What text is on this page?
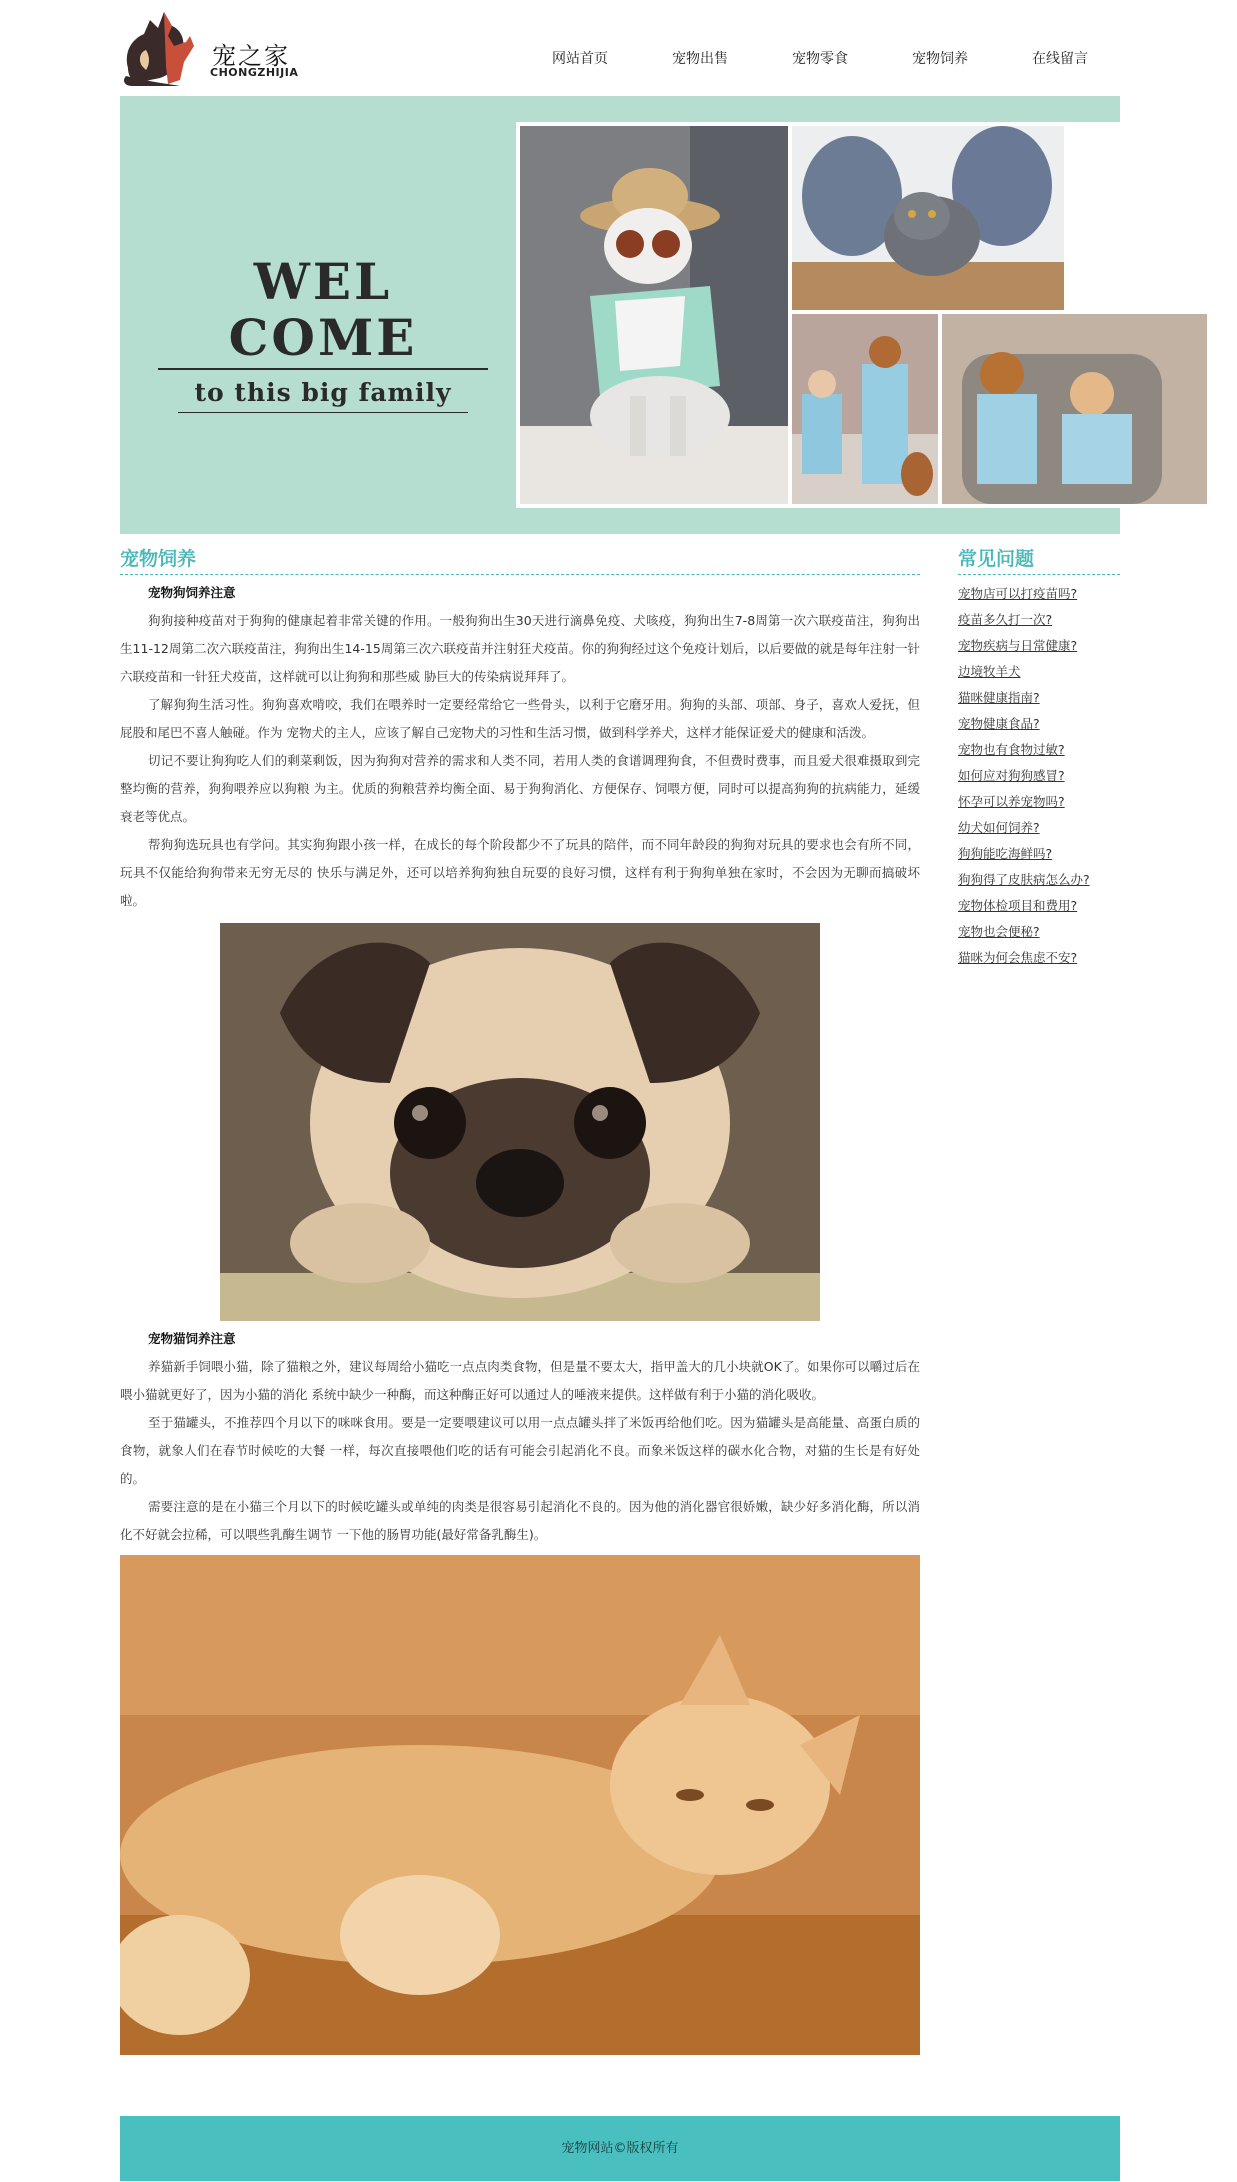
宠之家
CHONGZHIJIA
网站首页	宠物出售	宠物零食	宠物饲养	在线留言
WEL COME
to this big family
宠物饲养
宠物狗饲养注意

狗狗接种疫苗对于狗狗的健康起着非常关键的作用。一般狗狗出生30天进行滴鼻免疫、犬咳疫，狗狗出生7-8周第一次六联疫苗注，狗狗出生11-12周第二次六联疫苗注，狗狗出生14-15周第三次六联疫苗并注射狂犬疫苗。你的狗狗经过这个免疫计划后，以后要做的就是每年注射一针六联疫苗和一针狂犬疫苗，这样就可以让狗狗和那些威 胁巨大的传染病说拜拜了。

了解狗狗生活习性。狗狗喜欢啃咬，我们在喂养时一定要经常给它一些骨头，以利于它磨牙用。狗狗的头部、项部、身子，喜欢人爱抚，但屁股和尾巴不喜人触碰。作为 宠物犬的主人，应该了解自己宠物犬的习性和生活习惯，做到科学养犬，这样才能保证爱犬的健康和活泼。

切记不要让狗狗吃人们的剩菜剩饭，因为狗狗对营养的需求和人类不同，若用人类的食谱调理狗食，不但费时费事，而且爱犬很难摄取到完整均衡的营养，狗狗喂养应以狗粮 为主。优质的狗粮营养均衡全面、易于狗狗消化、方便保存、饲喂方便，同时可以提高狗狗的抗病能力，延缓衰老等优点。

帮狗狗选玩具也有学问。其实狗狗跟小孩一样，在成长的每个阶段都少不了玩具的陪伴，而不同年龄段的狗狗对玩具的要求也会有所不同，玩具不仅能给狗狗带来无穷无尽的 快乐与满足外，还可以培养狗狗独自玩耍的良好习惯，这样有利于狗狗单独在家时，不会因为无聊而搞破坏啦。

宠物猫饲养注意

养猫新手饲喂小猫，除了猫粮之外，建议每周给小猫吃一点点肉类食物，但是量不要太大，指甲盖大的几小块就OK了。如果你可以嚼过后在喂小猫就更好了，因为小猫的消化 系统中缺少一种酶，而这种酶正好可以通过人的唾液来提供。这样做有利于小猫的消化吸收。

至于猫罐头，不推荐四个月以下的咪咪食用。要是一定要喂建议可以用一点点罐头拌了米饭再给他们吃。因为猫罐头是高能量、高蛋白质的食物，就象人们在春节时候吃的大餐 一样，每次直接喂他们吃的话有可能会引起消化不良。而象米饭这样的碳水化合物，对猫的生长是有好处的。

需要注意的是在小猫三个月以下的时候吃罐头或单纯的肉类是很容易引起消化不良的。因为他的消化器官很娇嫩，缺少好多消化酶，所以消化不好就会拉稀，可以喂些乳酶生调节 一下他的肠胃功能(最好常备乳酶生)。

常见问题
宠物店可以打疫苗吗?
疫苗多久打一次?
宠物疾病与日常健康?
边境牧羊犬
猫咪健康指南?
宠物健康食品?
宠物也有食物过敏?
如何应对狗狗感冒?
怀孕可以养宠物吗?
幼犬如何饲养?
狗狗能吃海鲜吗?
狗狗得了皮肤病怎么办?
宠物体检项目和费用?
宠物也会便秘?
猫咪为何会焦虑不安?
宠物网站©版权所有
